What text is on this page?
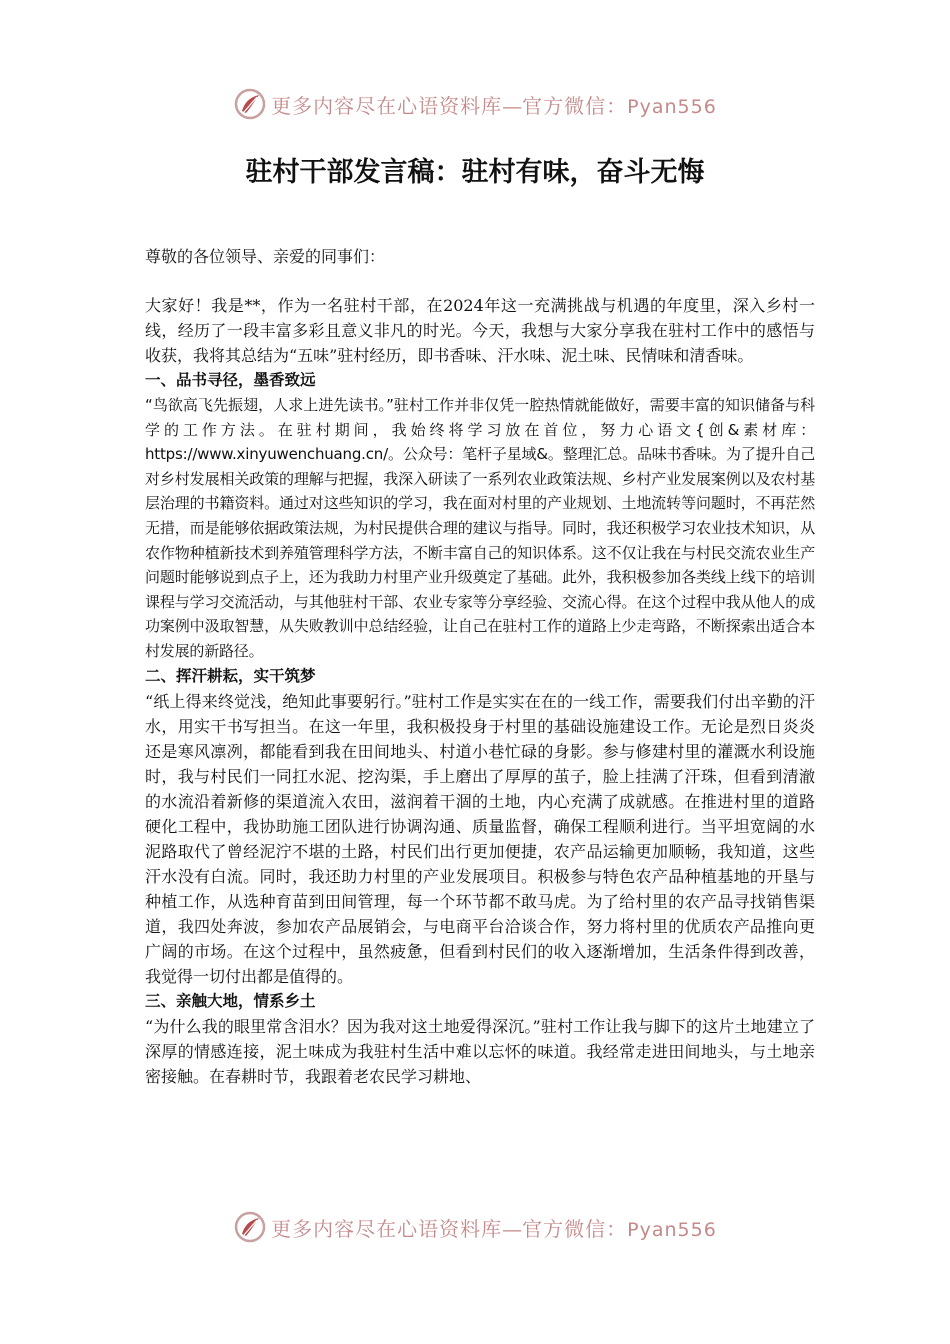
更多内容尽在心语资料库—官方微信：Pyan556
驻村干部发言稿：驻村有味，奋斗无悔

尊敬的各位领导、亲爱的同事们：

大家好！我是**，作为一名驻村干部，在2024年这一充满挑战与机遇的年度里，深入乡村一线，经历了一段丰富多彩且意义非凡的时光。今天，我想与大家分享我在驻村工作中的感悟与收获，我将其总结为“五味”驻村经历，即书香味、汗水味、泥土味、民情味和清香味。

一、品书寻径，墨香致远

“鸟欲高飞先振翅，人求上进先读书。”驻村工作并非仅凭一腔热情就能做好，需要丰富的知识储备与科学的工作方法。在驻村期间，我始终将学习放在首位，努力心语文{创&素材库：https://www.xinyuwenchuang.cn/。公众号：笔杆子星域&。整理汇总。品味书香味。为了提升自己对乡村发展相关政策的理解与把握，我深入研读了一系列农业政策法规、乡村产业发展案例以及农村基层治理的书籍资料。通过对这些知识的学习，我在面对村里的产业规划、土地流转等问题时，不再茫然无措，而是能够依据政策法规，为村民提供合理的建议与指导。同时，我还积极学习农业技术知识，从农作物种植新技术到养殖管理科学方法，不断丰富自己的知识体系。这不仅让我在与村民交流农业生产问题时能够说到点子上，还为我助力村里产业升级奠定了基础。此外，我积极参加各类线上线下的培训课程与学习交流活动，与其他驻村干部、农业专家等分享经验、交流心得。在这个过程中我从他人的成功案例中汲取智慧，从失败教训中总结经验，让自己在驻村工作的道路上少走弯路，不断探索出适合本村发展的新路径。

二、挥汗耕耘，实干筑梦

“纸上得来终觉浅，绝知此事要躬行。”驻村工作是实实在在的一线工作，需要我们付出辛勤的汗水，用实干书写担当。在这一年里，我积极投身于村里的基础设施建设工作。无论是烈日炎炎还是寒风凛冽，都能看到我在田间地头、村道小巷忙碌的身影。参与修建村里的灌溉水利设施时，我与村民们一同扛水泥、挖沟渠，手上磨出了厚厚的茧子，脸上挂满了汗珠，但看到清澈的水流沿着新修的渠道流入农田，滋润着干涸的土地，内心充满了成就感。在推进村里的道路硬化工程中，我协助施工团队进行协调沟通、质量监督，确保工程顺利进行。当平坦宽阔的水泥路取代了曾经泥泞不堪的土路，村民们出行更加便捷，农产品运输更加顺畅，我知道，这些汗水没有白流。同时，我还助力村里的产业发展项目。积极参与特色农产品种植基地的开垦与种植工作，从选种育苗到田间管理，每一个环节都不敢马虎。为了给村里的农产品寻找销售渠道，我四处奔波，参加农产品展销会，与电商平台洽谈合作，努力将村里的优质农产品推向更广阔的市场。在这个过程中，虽然疲惫，但看到村民们的收入逐渐增加，生活条件得到改善，我觉得一切付出都是值得的。

三、亲触大地，情系乡土

“为什么我的眼里常含泪水？因为我对这土地爱得深沉。”驻村工作让我与脚下的这片土地建立了深厚的情感连接，泥土味成为我驻村生活中难以忘怀的味道。我经常走进田间地头，与土地亲密接触。在春耕时节，我跟着老农民学习耕地、

更多内容尽在心语资料库—官方微信：Pyan556
